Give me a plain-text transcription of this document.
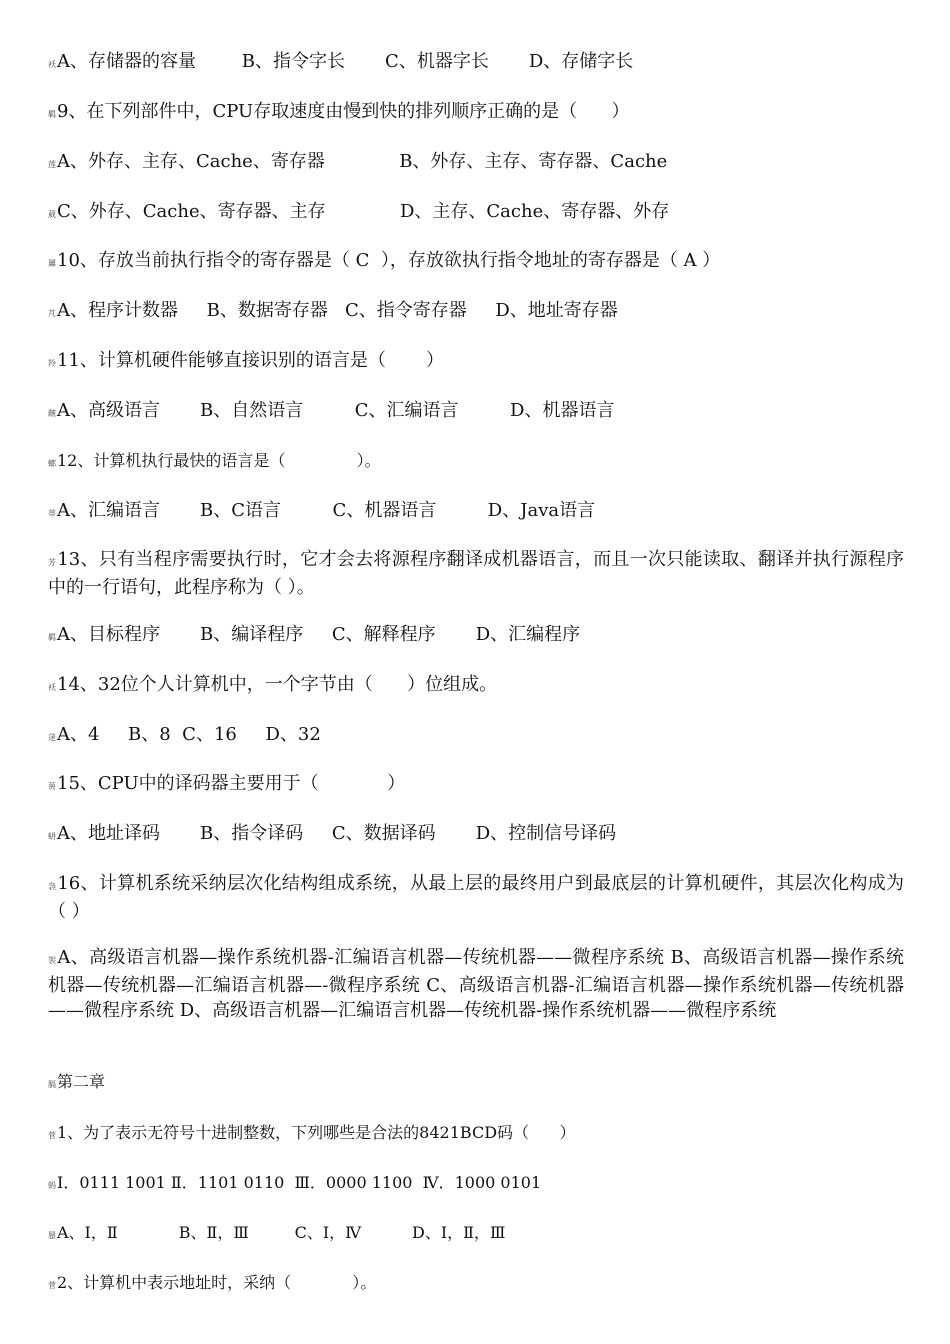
袄A、存储器的容量        B、指令字长       C、机器字长       D、存储字长
羁9、在下列部件中，CPU存取速度由慢到快的排列顺序正确的是（      ）
莲A、外存、主存、Cache、寄存器             B、外存、主存、寄存器、Cache
葳C、外存、Cache、寄存器、主存             D、主存、Cache、寄存器、外存
羼10、存放当前执行指令的寄存器是（ C  ），存放欲执行指令地址的寄存器是（ A ）
芃A、程序计数器     B、数据寄存器   C、指令寄存器     D、地址寄存器
羚11、计算机硬件能够直接识别的语言是（       ）
虤A、高级语言       B、自然语言         C、汇编语言         D、机器语言
螂12、计算机执行最快的语言是（              ）。
蒂A、汇编语言       B、C语言         C、机器语言         D、Java语言
芳13、只有当程序需要执行时，它才会去将源程序翻译成机器语言，而且一次只能读取、翻译并执行源程序中的一行语句，此程序称为（ ）。
羁A、目标程序       B、编译程序     C、解释程序       D、汇编程序
袄14、32位个人计算机中，一个字节由（      ）位组成。
蒁A、4     B、8  C、16     D、32
蒉15、CPU中的译码器主要用于（            ）
蚒A、地址译码       B、指令译码     C、数据译码       D、控制信号译码
袅16、计算机系统采纳层次化结构组成系统，从最上层的最终用户到最底层的计算机硬件，其层次化构成为（ ）
袈A、高级语言机器—操作系统机器-汇编语言机器—传统机器——微程序系统 B、高级语言机器—操作系统机器—传统机器—汇编语言机器—-微程序系统 C、高级语言机器-汇编语言机器—操作系统机器—传统机器——微程序系统 D、高级语言机器—汇编语言机器—传统机器-操作系统机器——微程序系统
膈第二章
菅1、为了表示无符号十进制整数，下列哪些是合法的8421BCD码（      ）
蚂Ⅰ．0111 1001 Ⅱ．1101 0110  Ⅲ．0000 1100  Ⅳ．1000 0101
蜃A、Ⅰ，Ⅱ            B、Ⅱ，Ⅲ         C、Ⅰ，Ⅳ          D、Ⅰ，Ⅱ，Ⅲ
菅2、计算机中表示地址时，采纳（            ）。
